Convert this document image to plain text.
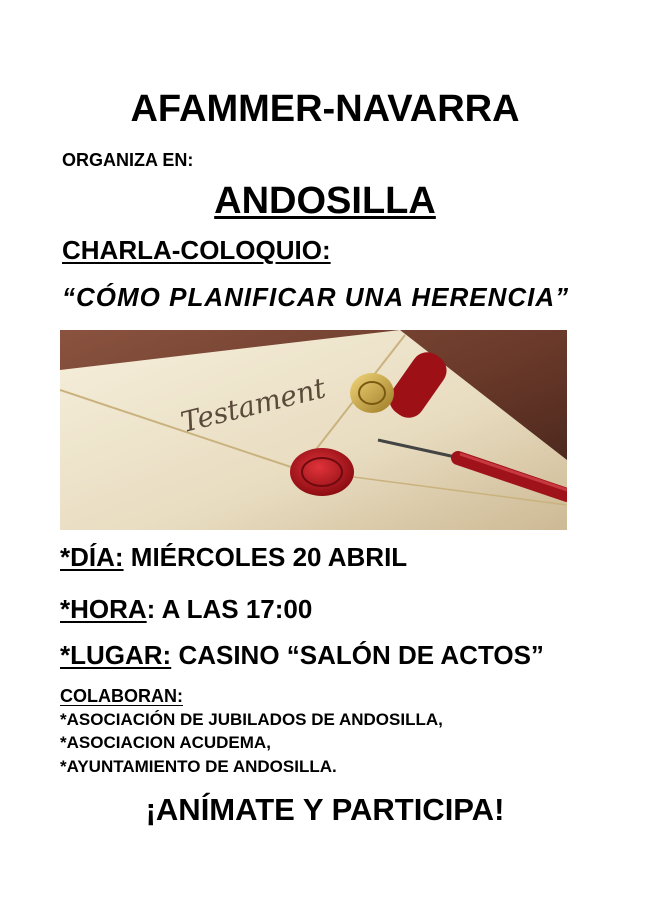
AFAMMER-NAVARRA
ORGANIZA EN:
ANDOSILLA
CHARLA-COLOQUIO:
“CÓMO PLANIFICAR UNA HERENCIA”
Testament
*DÍA: MIÉRCOLES 20 ABRIL
*HORA: A LAS 17:00
*LUGAR: CASINO “SALÓN DE ACTOS”
COLABORAN:
*ASOCIACIÓN DE JUBILADOS DE ANDOSILLA,
*ASOCIACION ACUDEMA,
*AYUNTAMIENTO DE ANDOSILLA.
¡ANÍMATE Y PARTICIPA!
